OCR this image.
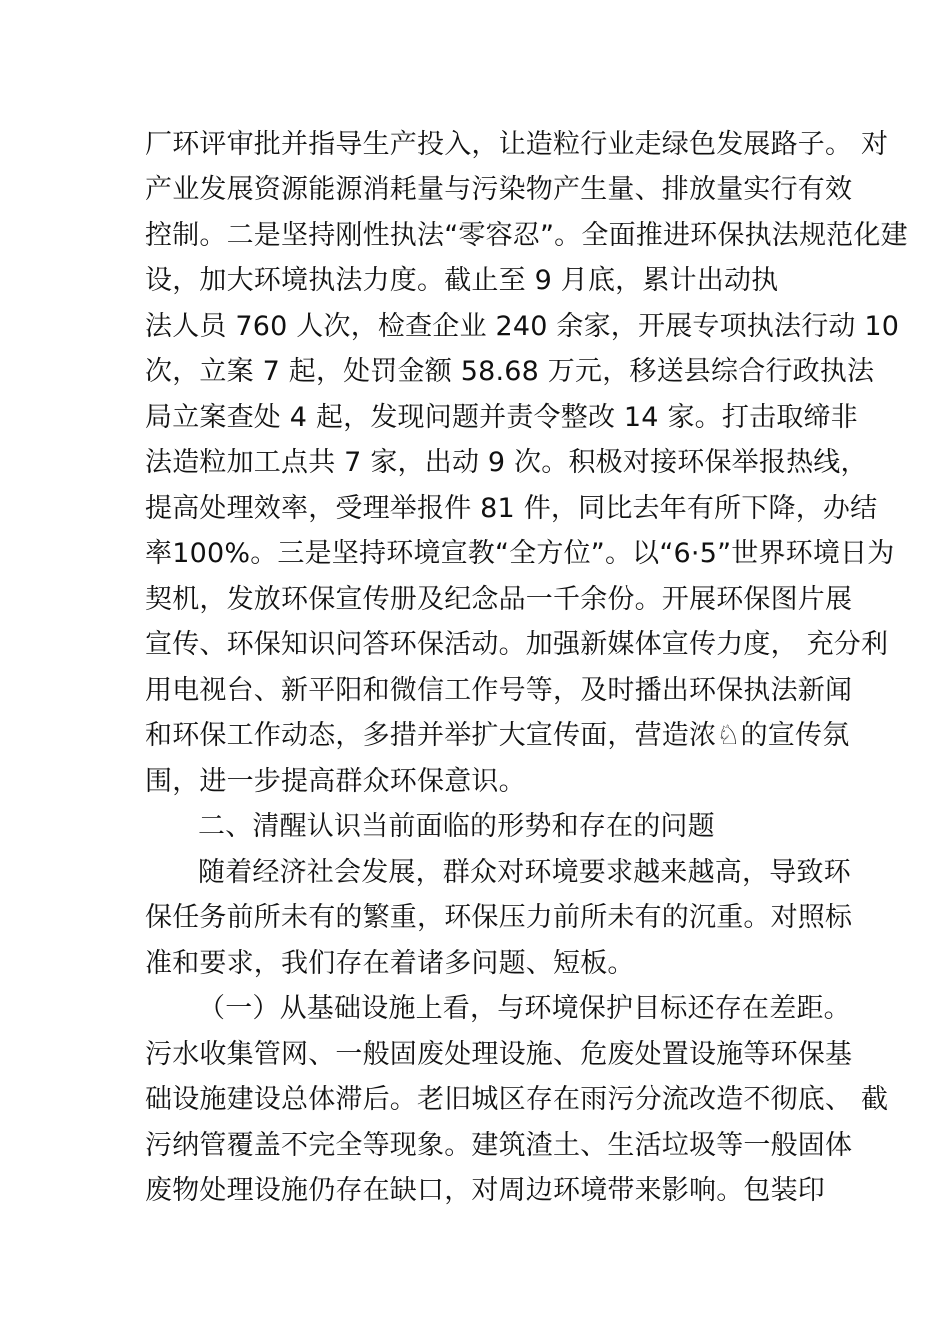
厂环评审批并指导生产投入，让造粒行业走绿色发展路子。 对
产业发展资源能源消耗量与污染物产生量、排放量实行有效
控制。二是坚持刚性执法“零容忍”。全面推进环保执法规范化建
设，加大环境执法力度。截止至 9 月底，累计出动执
法人员 760 人次，检查企业 240 余家，开展专项执法行动 10
次，立案 7 起，处罚金额 58.68 万元，移送县综合行政执法
局立案查处 4 起，发现问题并责令整改 14 家。打击取缔非
法造粒加工点共 7 家，出动 9 次。积极对接环保举报热线，
提高处理效率，受理举报件 81 件，同比去年有所下降，办结
率100%。三是坚持环境宣教“全方位”。以“6·5”世界环境日为
契机，发放环保宣传册及纪念品一千余份。开展环保图片展
宣传、环保知识问答环保活动。加强新媒体宣传力度， 充分利
用电视台、新平阳和微信工作号等，及时播出环保执法新闻
和环保工作动态，多措并举扩大宣传面，营造浓♘的宣传氛
围，进一步提高群众环保意识。
二、清醒认识当前面临的形势和存在的问题
随着经济社会发展，群众对环境要求越来越高，导致环
保任务前所未有的繁重，环保压力前所未有的沉重。对照标
准和要求，我们存在着诸多问题、短板。
（一）从基础设施上看，与环境保护目标还存在差距。
污水收集管网、一般固废处理设施、危废处置设施等环保基
础设施建设总体滞后。老旧城区存在雨污分流改造不彻底、 截
污纳管覆盖不完全等现象。建筑渣土、生活垃圾等一般固体
废物处理设施仍存在缺口，对周边环境带来影响。包装印
